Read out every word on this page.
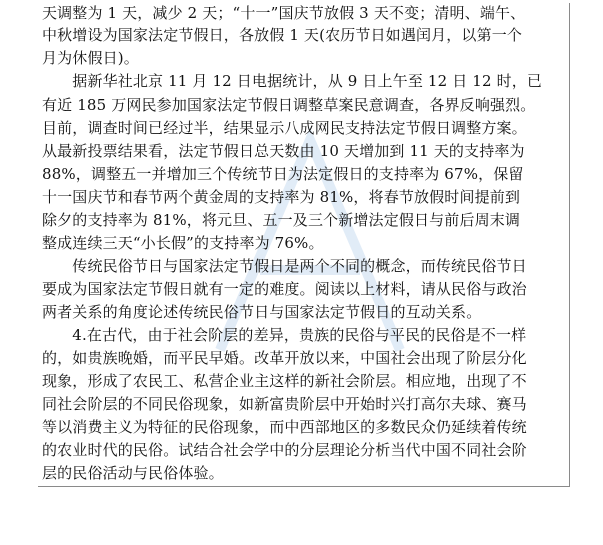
天调整为 1 天，减少 2 天；“十一”国庆节放假 3 天不变；清明、端午、
中秋增设为国家法定节假日，各放假 1 天(农历节日如遇闰月，以第一个
月为休假日)。
　　据新华社北京 11 月 12 日电据统计，从 9 日上午至 12 日 12 时，已
有近 185 万网民参加国家法定节假日调整草案民意调查，各界反响强烈。
目前，调查时间已经过半，结果显示八成网民支持法定节假日调整方案。
从最新投票结果看，法定节假日总天数由 10 天增加到 11 天的支持率为
88%，调整五一并增加三个传统节日为法定假日的支持率为 67%，保留
十一国庆节和春节两个黄金周的支持率为 81%，将春节放假时间提前到
除夕的支持率为 81%，将元旦、五一及三个新增法定假日与前后周末调
整成连续三天“小长假”的支持率为 76%。
　　传统民俗节日与国家法定节假日是两个不同的概念，而传统民俗节日
要成为国家法定节假日就有一定的难度。阅读以上材料，请从民俗与政治
两者关系的角度论述传统民俗节日与国家法定节假日的互动关系。
　　4.在古代，由于社会阶层的差异，贵族的民俗与平民的民俗是不一样
的，如贵族晚婚，而平民早婚。改革开放以来，中国社会出现了阶层分化
现象，形成了农民工、私营企业主这样的新社会阶层。相应地，出现了不
同社会阶层的不同民俗现象，如新富贵阶层中开始时兴打高尔夫球、赛马
等以消费主义为特征的民俗现象，而中西部地区的多数民众仍延续着传统
的农业时代的民俗。试结合社会学中的分层理论分析当代中国不同社会阶
层的民俗活动与民俗体验。
